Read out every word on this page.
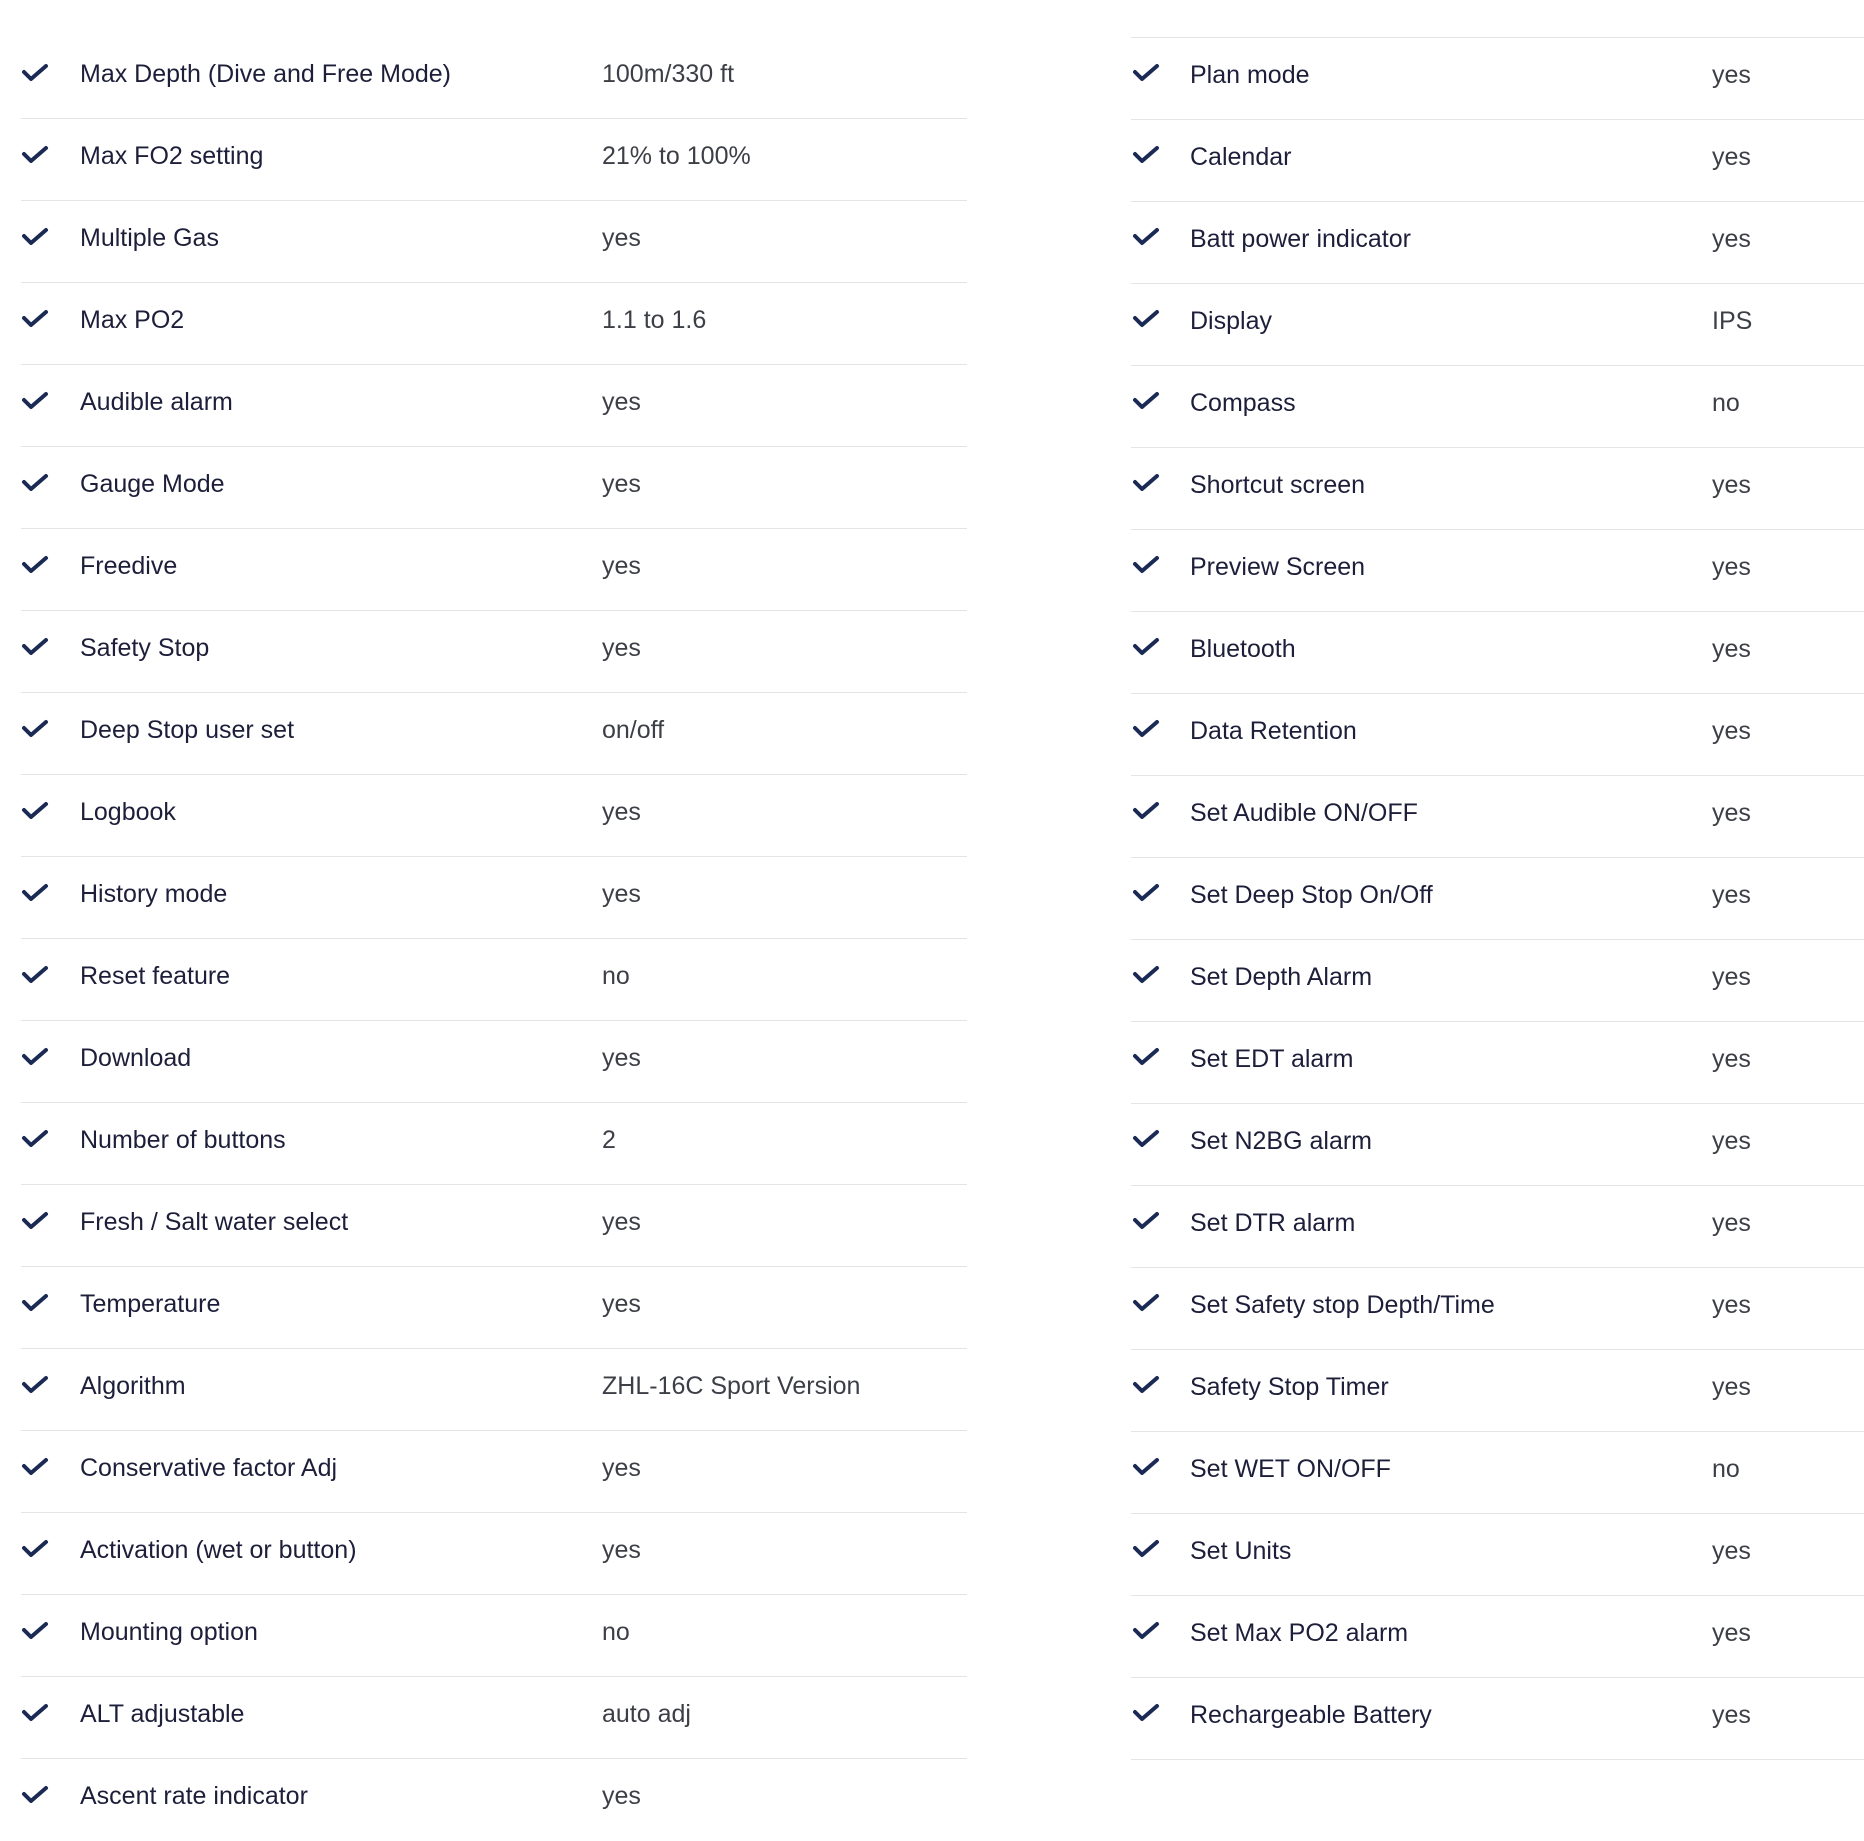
Max Depth (Dive and Free Mode)	100m/330 ft
Max FO2 setting	21% to 100%
Multiple Gas	yes
Max PO2	1.1 to 1.6
Audible alarm	yes
Gauge Mode	yes
Freedive	yes
Safety Stop	yes
Deep Stop user set	on/off
Logbook	yes
History mode	yes
Reset feature	no
Download	yes
Number of buttons	2
Fresh / Salt water select	yes
Temperature	yes
Algorithm	ZHL-16C Sport Version
Conservative factor Adj	yes
Activation (wet or button)	yes
Mounting option	no
ALT adjustable	auto adj
Ascent rate indicator	yes
Plan mode	yes
Calendar	yes
Batt power indicator	yes
Display	IPS
Compass	no
Shortcut screen	yes
Preview Screen	yes
Bluetooth	yes
Data Retention	yes
Set Audible ON/OFF	yes
Set Deep Stop On/Off	yes
Set Depth Alarm	yes
Set EDT alarm	yes
Set N2BG alarm	yes
Set DTR alarm	yes
Set Safety stop Depth/Time	yes
Safety Stop Timer	yes
Set WET ON/OFF	no
Set Units	yes
Set Max PO2 alarm	yes
Rechargeable Battery	yes
